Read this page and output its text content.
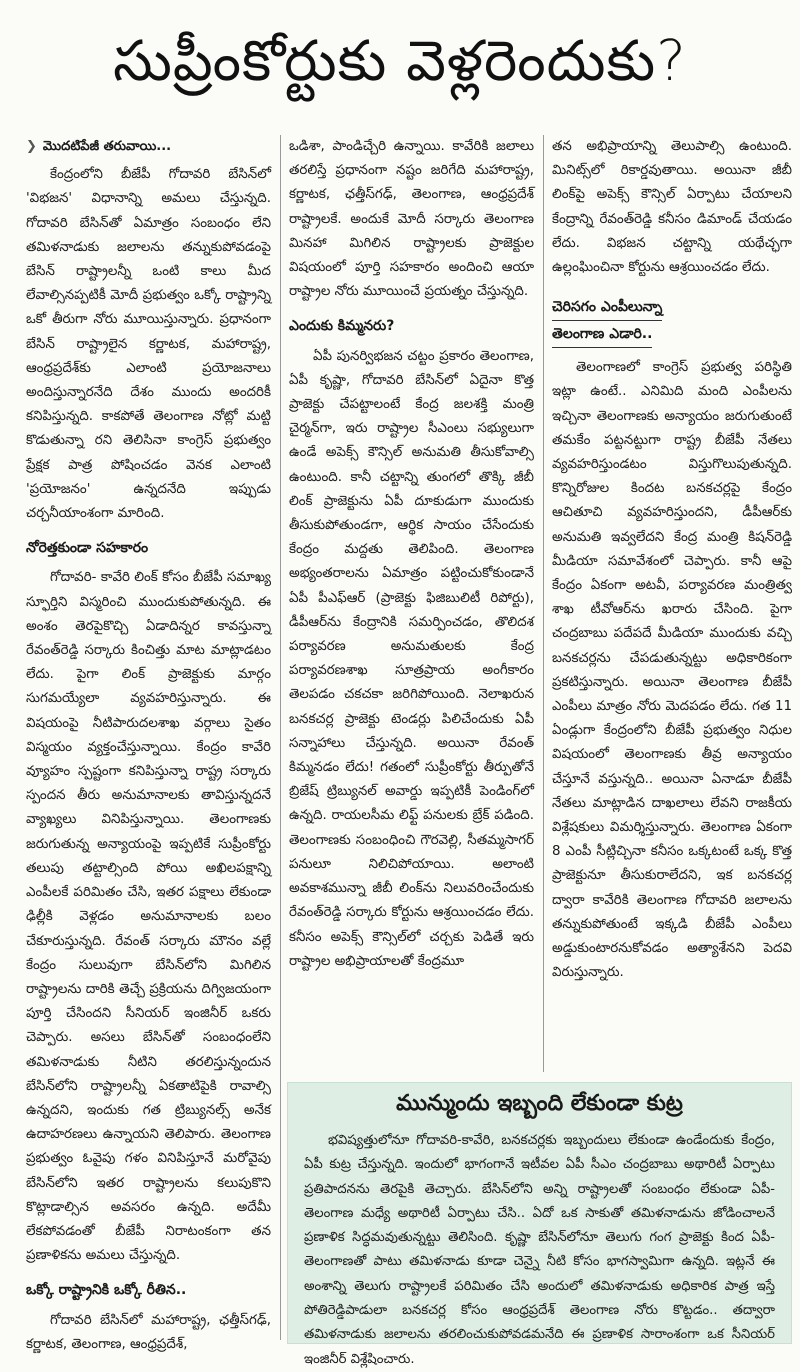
సుప్రీంకోర్టుకు వెళ్లరెందుకు?
❯ మొదటిపేజీ తరువాయి...

కేంద్రంలోని బీజేపీ గోదావరి బేసిన్‌లో 'విభజన' విధానాన్ని అమలు చేస్తున్నది. గోదావరి బేసిన్‌తో ఏమాత్రం సంబంధం లేని తమిళనాడుకు జలాలను తన్నుకుపోవడంపై బేసిన్ రాష్ట్రాలన్నీ ఒంటి కాలు మీద లేవాల్సినప్పటికీ మోదీ ప్రభుత్వం ఒక్కో రాష్ట్రాన్ని ఒకో తీరుగా నోరు మూయిస్తున్నారు. ప్రధానంగా బేసిన్ రాష్ట్రాలైన కర్ణాటక, మహారాష్ట్ర, ఆంధ్రప్రదేశ్‌కు ఎలాంటి ప్రయోజనాలు అందిస్తున్నారనేది దేశం ముందు అందరికీ కనిపిస్తున్నది. కాకపోతే తెలంగాణ నోట్లో మట్టి కొడుతున్నా రని తెలిసినా కాంగ్రెస్ ప్రభుత్వం ప్రేక్షక పాత్ర పోషించడం వెనక ఎలాంటి 'ప్రయోజనం' ఉన్నదనేది ఇప్పుడు చర్చనీయాంశంగా మారింది.

నోరెత్తకుండా సహకారం

గోదావరి- కావేరి లింక్ కోసం బీజేపీ సమాఖ్య స్ఫూర్తిని విస్మరించి ముందుకుపోతున్నది. ఈ అంశం తెరపైకొచ్చి ఏడాదిన్నర కావస్తున్నా రేవంత్‌రెడ్డి సర్కారు కించిత్తు మాట మాట్లాడటం లేదు. పైగా లింక్ ప్రాజెక్టుకు మార్గం సుగమయ్యేలా వ్యవహరిస్తున్నారు. ఈ విషయంపై నీటిపారుదలశాఖ వర్గాలు సైతం విస్మయం వ్యక్తంచేస్తున్నాయి. కేంద్రం కావేరి వ్యూహం స్పష్టంగా కనిపిస్తున్నా రాష్ట్ర సర్కారు స్పందన తీరు అనుమానాలకు తావిస్తున్నదనే వ్యాఖ్యలు వినిపిస్తున్నాయి. తెలంగాణకు జరుగుతున్న అన్యాయంపై ఇప్పటికే సుప్రీంకోర్టు తలుపు తట్టాల్సింది పోయి అఖిలపక్షాన్ని ఎంపీలకే పరిమితం చేసి, ఇతర పక్షాలు లేకుండా ఢిల్లీకి వెళ్లడం అనుమానాలకు బలం చేకూరుస్తున్నది. రేవంత్ సర్కారు మౌనం వల్లే కేంద్రం సులువుగా బేసిన్‌లోని మిగిలిన రాష్ట్రాలను దారికి తెచ్చే ప్రక్రియను దిగ్విజయంగా పూర్తి చేసిందని సీనియర్ ఇంజినీర్ ఒకరు చెప్పారు. అసలు బేసిన్‌తో సంబంధంలేని తమిళనాడుకు నీటిని తరలిస్తున్నందున బేసిన్‌లోని రాష్ట్రాలన్నీ ఏకతాటిపైకి రావాల్సి ఉన్నదని, ఇందుకు గత ట్రిబ్యునల్స్ అనేక ఉదాహరణలు ఉన్నాయని తెలిపారు. తెలంగాణ ప్రభుత్వం ఓవైపు గళం వినిపిస్తూనే మరోవైపు బేసిన్‌లోని ఇతర రాష్ట్రాలను కలుపుకొని కొట్లాడాల్సిన అవసరం ఉన్నది. అదేమీ లేకపోవడంతో బీజేపీ నిరాటంకంగా తన ప్రణాళికను అమలు చేస్తున్నది.

ఒక్కో రాష్ట్రానికి ఒక్కో రీతిన..

గోదావరి బేసిన్‌లో మహారాష్ట్ర, ఛత్తీస్‌గఢ్, కర్ణాటక, తెలంగాణ, ఆంధ్రప్రదేశ్,

ఒడిశా, పాండిచ్చేరి ఉన్నాయి. కావేరికి జలాలు తరలిస్తే ప్రధానంగా నష్టం జరిగేది మహారాష్ట్ర, కర్ణాటక, ఛత్తీస్‌గఢ్, తెలంగాణ, ఆంధ్రప్రదేశ్ రాష్ట్రాలకే. అందుకే మోదీ సర్కారు తెలంగాణ మినహా మిగిలిన రాష్ట్రాలకు ప్రాజెక్టుల విషయంలో పూర్తి సహకారం అందించి ఆయా రాష్ట్రాల నోరు మూయించే ప్రయత్నం చేస్తున్నది.

ఎందుకు కిమ్మనరు?

ఏపీ పునర్విభజన చట్టం ప్రకారం తెలంగాణ, ఏపీ కృష్ణా, గోదావరి బేసిన్‌లో ఏదైనా కొత్త ప్రాజెక్టు చేపట్టాలంటే కేంద్ర జలశక్తి మంత్రి చైర్మన్‌గా, ఇరు రాష్ట్రాల సీఎంలు సభ్యులుగా ఉండే అపెక్స్ కౌన్సిల్ అనుమతి తీసుకోవాల్సి ఉంటుంది. కానీ చట్టాన్ని తుంగలో తొక్కి జీబీ లింక్ ప్రాజెక్టును ఏపీ దూకుడుగా ముందుకు తీసుకుపోతుండగా, ఆర్థిక సాయం చేసేందుకు కేంద్రం మద్దతు తెలిపింది. తెలంగాణ అభ్యంతరాలను ఏమాత్రం పట్టించుకోకుండానే ఏపీ పీఎఫ్‌ఆర్ (ప్రాజెక్టు ఫిజిబులిటీ రిపోర్టు), డీపీఆర్‌ను కేంద్రానికి సమర్పించడం, తొలిదశ పర్యావరణ అనుమతులకు కేంద్ర పర్యావరణశాఖ సూత్రప్రాయ అంగీకారం తెలపడం చకచకా జరిగిపోయింది. నెలాఖరున బనకచర్ల ప్రాజెక్టు టెండర్లు పిలిచేందుకు ఏపీ సన్నాహాలు చేస్తున్నది. అయినా రేవంత్ కిమ్మనడం లేదు! గతంలో సుప్రీంకోర్టు తీర్పుతోనే బ్రిజేష్ ట్రిబ్యునల్ అవార్డు ఇప్పటికీ పెండింగ్‌లో ఉన్నది. రాయలసీమ లిఫ్ట్ పనులకు బ్రేక్ పడింది. తెలంగాణకు సంబంధించి గౌరవెల్లి, సీతమ్మసాగర్ పనులూ నిలిచిపోయాయి. అలాంటి అవకాశమున్నా జీబీ లింక్‌ను నిలువరించేందుకు రేవంత్‌రెడ్డి సర్కారు కోర్టును ఆశ్రయించడం లేదు. కనీసం అపెక్స్ కౌన్సిల్‌లో చర్చకు పెడితే ఇరు రాష్ట్రాల అభిప్రాయాలతో కేంద్రమూ

తన అభిప్రాయాన్ని తెలుపాల్సి ఉంటుంది. మినిట్స్‌లో రికార్డవుతాయి. అయినా జీబీ లింక్‌పై అపెక్స్ కౌన్సిల్ ఏర్పాటు చేయాలని కేంద్రాన్ని రేవంత్‌రెడ్డి కనీసం డిమాండ్ చేయడం లేదు. విభజన చట్టాన్ని యథేచ్ఛగా ఉల్లంఘించినా కోర్టును ఆశ్రయించడం లేదు.

చెరిసగం ఎంపీలున్నా
తెలంగాణ ఎడారి..

తెలంగాణలో కాంగ్రెస్ ప్రభుత్వ పరిస్థితి ఇట్లా ఉంటే.. ఎనిమిది మంది ఎంపీలను ఇచ్చినా తెలంగాణకు అన్యాయం జరుగుతుంటే తమకేం పట్టనట్టుగా రాష్ట్ర బీజేపీ నేతలు వ్యవహరిస్తుండటం విస్తుగొలుపుతున్నది. కొన్నిరోజుల కిందట బనకచర్లపై కేంద్రం ఆచితూచి వ్యవహరిస్తుందని, డీపీఆర్‌కు అనుమతి ఇవ్వలేదని కేంద్ర మంత్రి కిషన్‌రెడ్డి మీడియా సమావేశంలో చెప్పారు. కానీ ఆపై కేంద్రం ఏకంగా అటవీ, పర్యావరణ మంత్రిత్వ శాఖ టీవోఆర్‌ను ఖరారు చేసింది. పైగా చంద్రబాబు పదేపదే మీడియా ముందుకు వచ్చి బనకచర్లను చేపడుతున్నట్టు అధికారికంగా ప్రకటిస్తున్నారు. అయినా తెలంగాణ బీజేపీ ఎంపీలు మాత్రం నోరు మెదపడం లేదు. గత 11 ఏండ్లుగా కేంద్రంలోని బీజేపీ ప్రభుత్వం నిధుల విషయంలో తెలంగాణకు తీవ్ర అన్యాయం చేస్తూనే వస్తున్నది.. అయినా ఏనాడూ బీజేపీ నేతలు మాట్లాడిన దాఖలాలు లేవని రాజకీయ విశ్లేషకులు విమర్శిస్తున్నారు. తెలంగాణ ఏకంగా 8 ఎంపీ సీట్లిచ్చినా కనీసం ఒక్కటంటే ఒక్క కొత్త ప్రాజెక్టునూ తీసుకురాలేదని, ఇక బనకచర్ల ద్వారా కావేరికి తెలంగాణ గోదావరి జలాలను తన్నుకుపోతుంటే ఇక్కడి బీజేపీ ఎంపీలు అడ్డుకుంటారనుకోవడం అత్యాశేనని పెదవి విరుస్తున్నారు.

మున్ముందు ఇబ్బంది లేకుండా కుట్ర

భవిష్యత్తులోనూ గోదావరి-కావేరి, బనకచర్లకు ఇబ్బందులు లేకుండా ఉండేందుకు కేంద్రం, ఏపీ కుట్ర చేస్తున్నది. ఇందులో భాగంగానే ఇటీవల ఏపీ సీఎం చంద్రబాబు అథారిటీ ఏర్పాటు ప్రతిపాదనను తెరపైకి తెచ్చారు. బేసిన్‌లోని అన్ని రాష్ట్రాలతో సంబంధం లేకుండా ఏపీ-తెలంగాణ మధ్యే అథారిటీ ఏర్పాటు చేసి.. ఏదో ఒక సాకుతో తమిళనాడును జోడించాలనే ప్రణాళిక సిద్ధమవుతున్నట్టు తెలిసింది. కృష్ణా బేసిన్‌లోనూ తెలుగు గంగ ప్రాజెక్టు కింద ఏపీ-తెలంగాణతో పాటు తమిళనాడు కూడా చెన్నై నీటి కోసం భాగస్వామిగా ఉన్నది. ఇట్లనే ఈ అంశాన్ని తెలుగు రాష్ట్రాలకే పరిమితం చేసి అందులో తమిళనాడుకు అధికారిక పాత్ర ఇస్తే పోతిరెడ్డిపాడులా బనకచర్ల కోసం ఆంధ్రప్రదేశ్ తెలంగాణ నోరు కొట్టడం.. తద్వారా తమిళనాడుకు జలాలను తరలించుకుపోవడమనేది ఈ ప్రణాళిక సారాంశంగా ఒక సీనియర్ ఇంజినీర్ విశ్లేషించారు.
